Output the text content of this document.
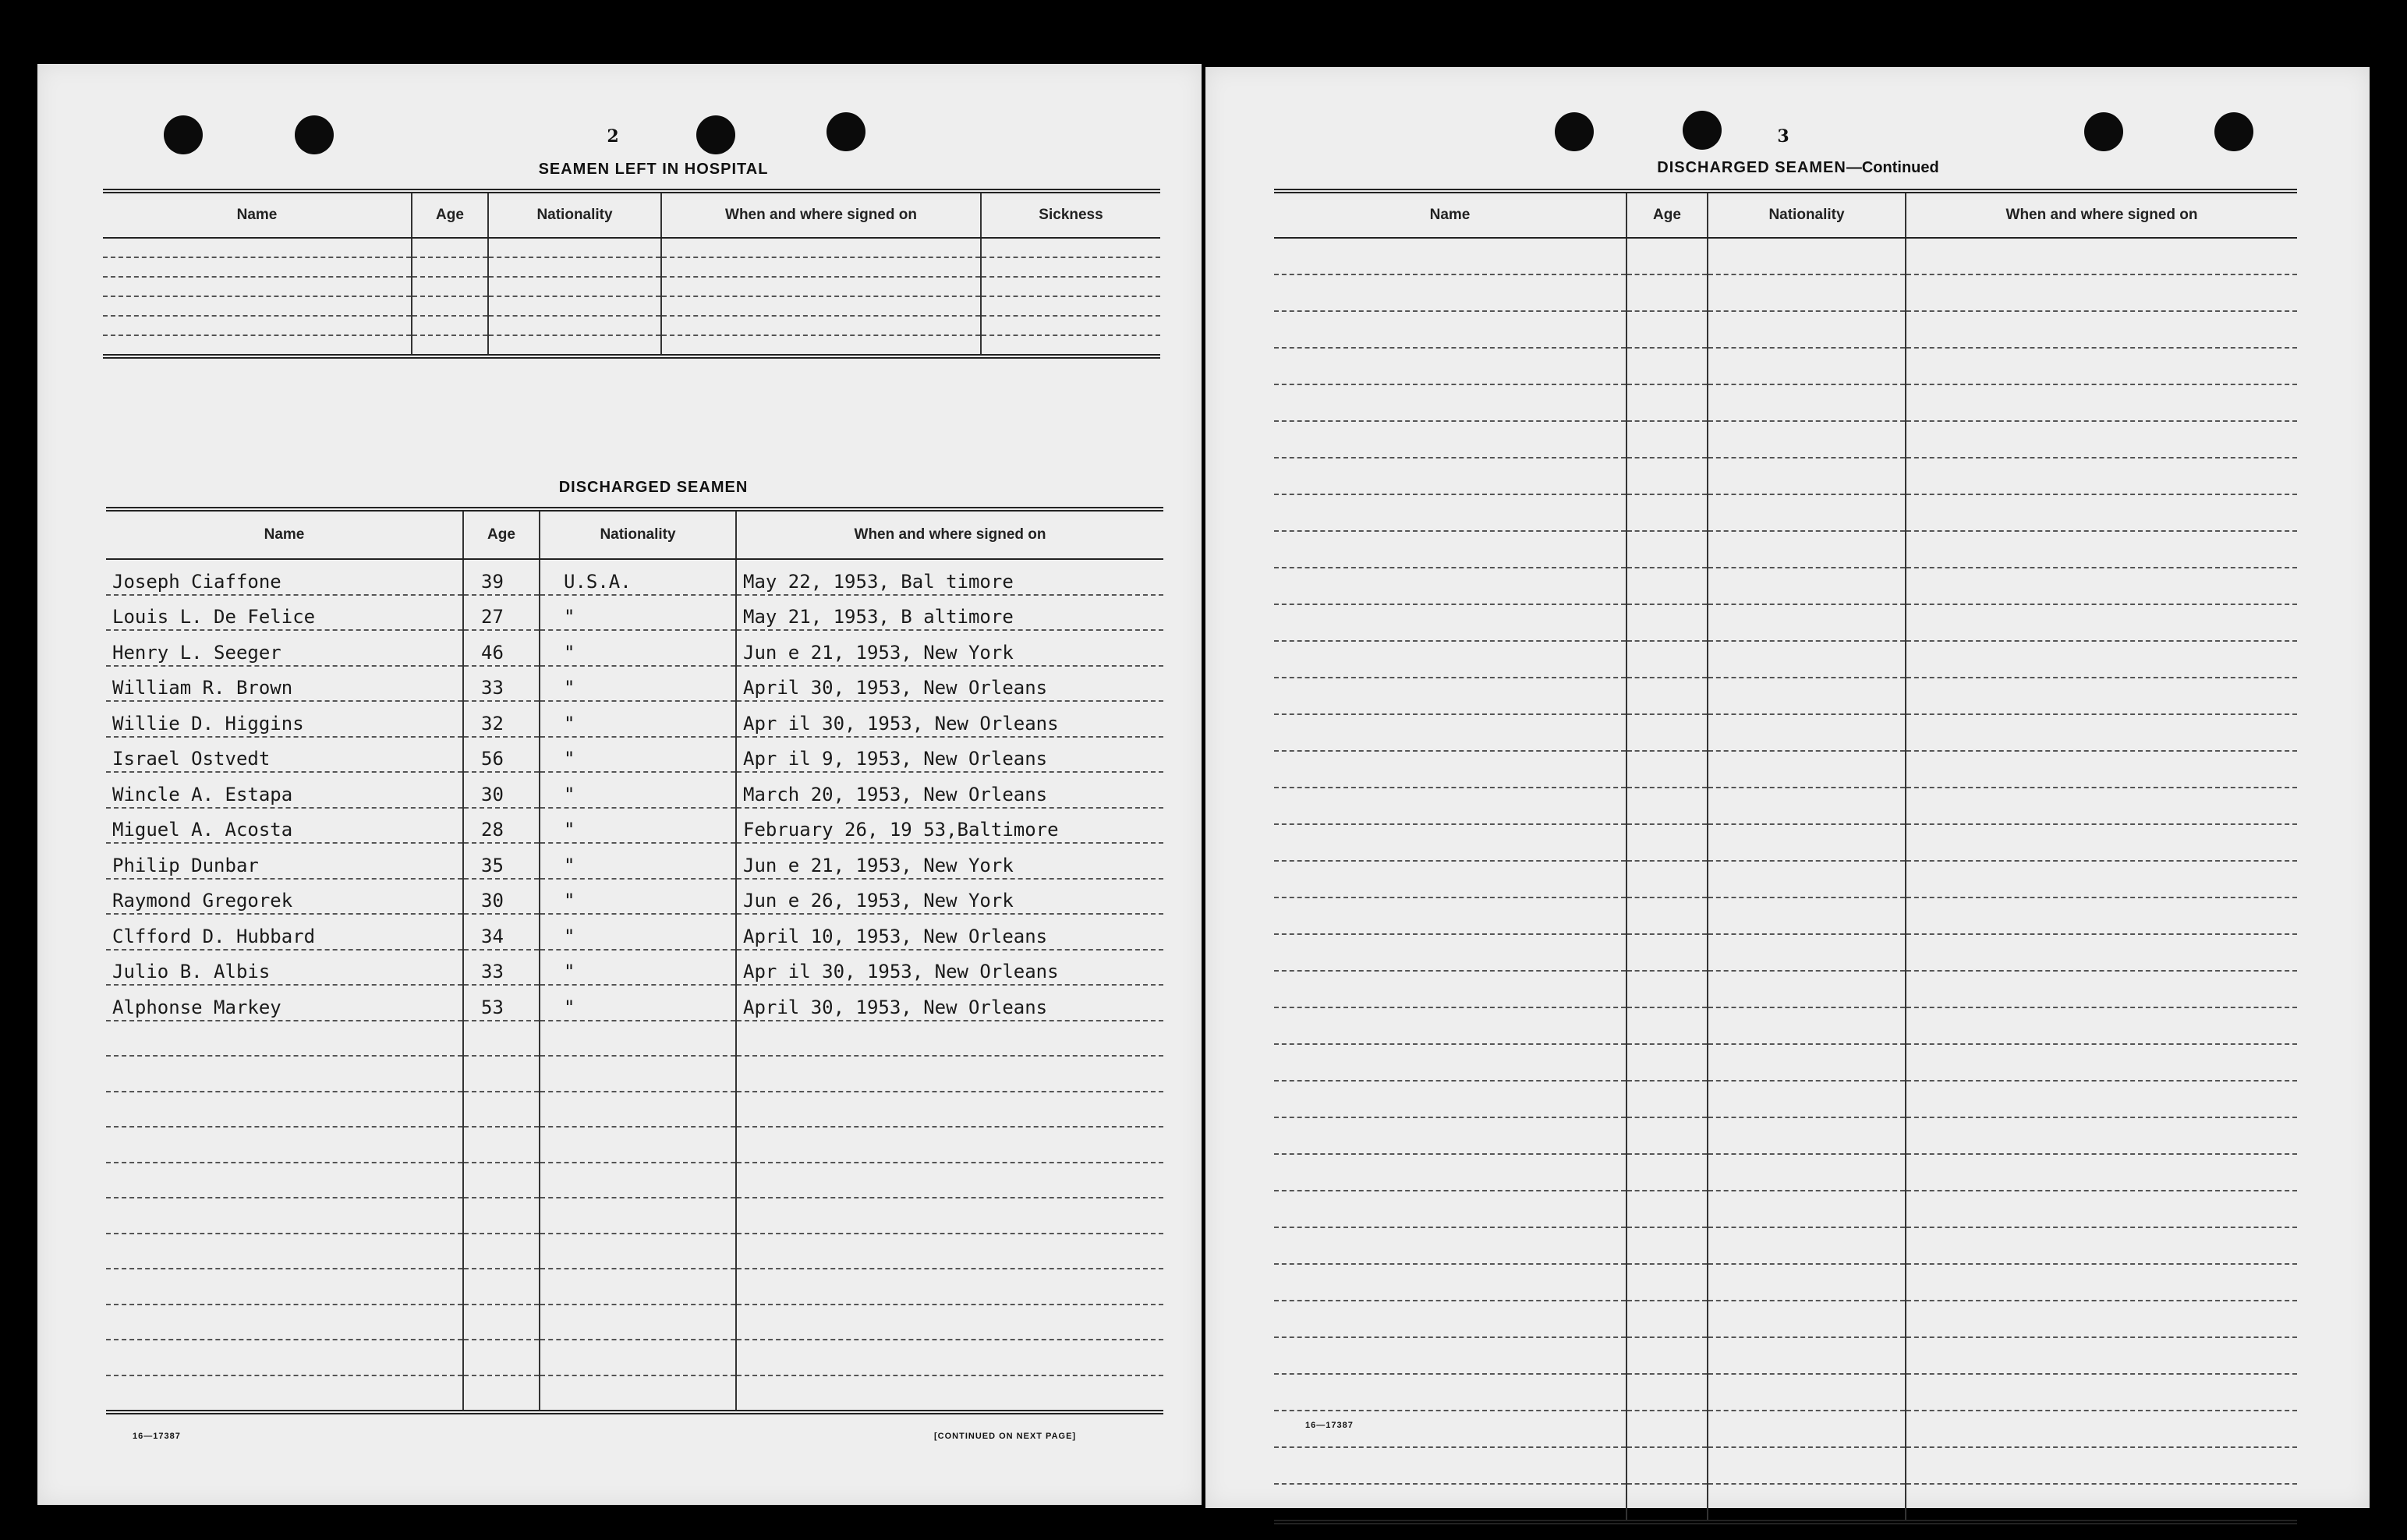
2
SEAMEN LEFT IN HOSPITAL
Name	Age	Nationality	When and where signed on	Sickness

DISCHARGED SEAMEN
Name	Age	Nationality	When and where signed on
Joseph Ciaffone	39	U.S.A.	May 22, 1953, Bal timore
Louis L. De Felice	27	"	May 21, 1953, B altimore
Henry L. Seeger	46	"	Jun e 21, 1953, New York
William R. Brown	33	"	April 30, 1953, New Orleans
Willie D. Higgins	32	"	Apr il 30, 1953, New Orleans
Israel Ostvedt	56	"	Apr il 9, 1953, New Orleans
Wincle A. Estapa	30	"	March 20, 1953, New Orleans
Miguel A. Acosta	28	"	February 26, 19 53,Baltimore
Philip Dunbar	35	"	Jun e 21, 1953, New York
Raymond Gregorek	30	"	Jun e 26, 1953, New York
Clfford D. Hubbard	34	"	April 10, 1953, New Orleans
Julio B. Albis	33	"	Apr il 30, 1953, New Orleans
Alphonse Markey	53	"	April 30, 1953, New Orleans

16—17387	[CONTINUED ON NEXT PAGE]
3
DISCHARGED SEAMEN—Continued
Name	Age	Nationality	When and where signed on

16—17387
